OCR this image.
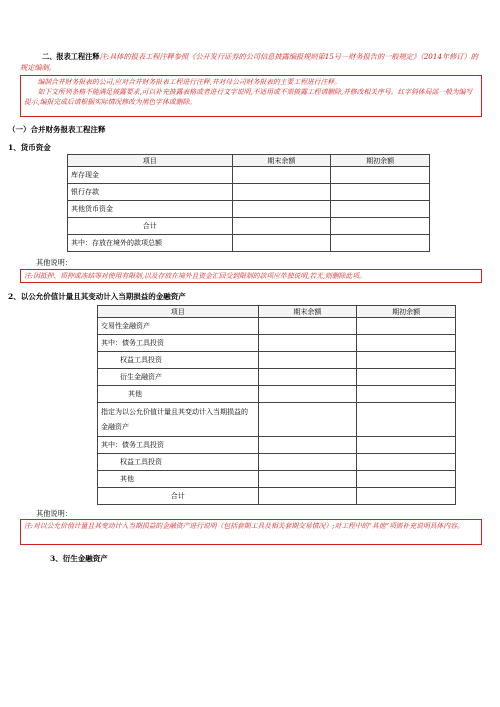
二、报表工程注释注:具体的报表工程注释参照《公开发行证券的公司信息披露编报规则第15号－财务报告的一般规定》（2014年修订）的规定编制。
编制合并财务报表的公司,应对合并财务报表工程进行注释,并对母公司财务报表的主要工程进行注释。
如下文所列条格不能满足披露要求,可以补充披露表格或者进行文字说明,不适用或不需披露工程请删除,并修改相关序号。红字斜体局部一般为编写提示,编报完成后请根据实际情况修改为黑色字体或删除。
（一）合并财务报表工程注释
1、货币资金
项目	期末余额	期初余额
库存现金		
银行存款		
其他货币资金		
合计		
其中：存放在境外的款项总额		
其他说明：
注:因抵押、质押或冻结等对使用有限制,以及存放在境外且资金汇回受到限制的款项应单独说明,若无,则删除此项。
2、以公允价值计量且其变动计入当期损益的金融资产
项目	期末余额	期初余额
交易性金融资产		
其中：债务工具投资		
权益工具投资		
衍生金融资产		
其他		
指定为以公允价值计量且其变动计入当期损益的金融资产		
其中：债务工具投资		
权益工具投资		
其他		
合计		
其他说明：
注:对以公允价值计量且其变动计入当期损益的金融资产进行说明（包括套期工具及相关套期交易情况）;对工程中的“其他”项需补充说明具体内容。
3、衍生金融资产
